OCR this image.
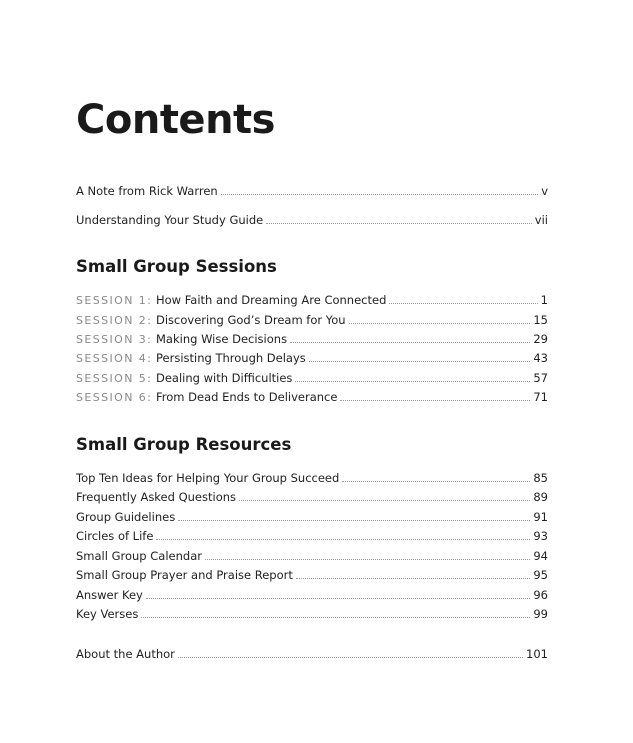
Contents
A Note from Rick Warren	v
Understanding Your Study Guide	vii
Small Group Sessions
SESSION 1: How Faith and Dreaming Are Connected	1
SESSION 2: Discovering God’s Dream for You	15
SESSION 3: Making Wise Decisions	29
SESSION 4: Persisting Through Delays	43
SESSION 5: Dealing with Difficulties	57
SESSION 6: From Dead Ends to Deliverance	71
Small Group Resources
Top Ten Ideas for Helping Your Group Succeed	85
Frequently Asked Questions	89
Group Guidelines	91
Circles of Life	93
Small Group Calendar	94
Small Group Prayer and Praise Report	95
Answer Key	96
Key Verses	99
About the Author	101
